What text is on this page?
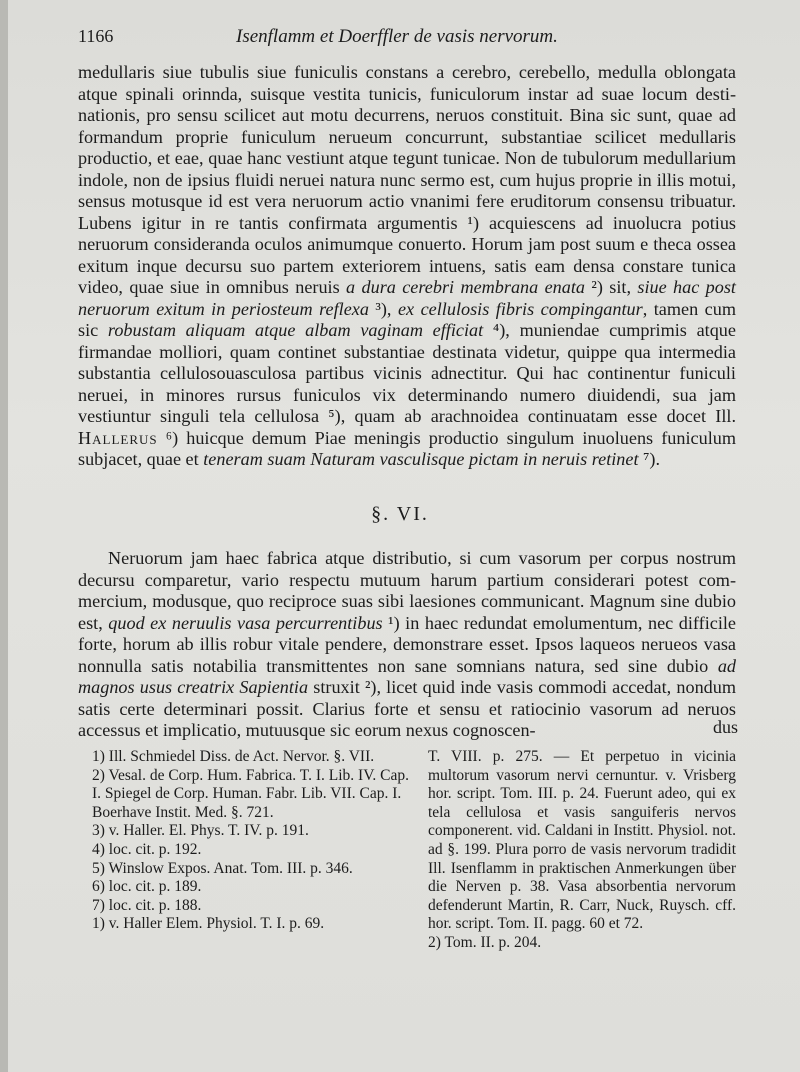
1166	Isenflamm et Doerffler de vasis nervorum.

medullaris siue tubulis siue funiculis constans a cerebro, cerebello, medulla oblongata atque spinali orinnda, suisque vestita tunicis, funiculorum instar ad suae locum destinationis, pro sensu scilicet aut motu decurrens, neruos constituit. Bina sic sunt, quae ad formandum proprie funiculum nerueum concurrunt, substantiae scilicet medullaris productio, et eae, quae hanc vestiunt atque tegunt tunicae. Non de tubulorum medullarium indole, non de ipsius fluidi neruei natura nunc sermo est, cum hujus proprie in illis motui, sensus motusque id est vera neruorum actio vnanimi fere eruditorum consensu tribuatur. Lubens igitur in re tantis confirmata argumentis ¹) acquiescens ad inuolucra potius neruorum consideranda oculos animumque conuerto. Horum jam post suum e theca ossea exitum inque decursu suo partem exteriorem intuens, satis eam densa constare tunica video, quae siue in omnibus neruis a dura cerebri membrana enata ²) sit, siue hac post neruorum exitum in periosteum reflexa ³), ex cellulosis fibris compingantur, tamen cum sic robustam aliquam atque albam vaginam efficiat ⁴), muniendae cumprimis atque firmandae molliori, quam continet substantiae destinata videtur, quippe qua intermedia substantia cellulosouasculosa partibus vicinis adnectitur. Qui hac continentur funiculi neruei, in minores rursus funiculos vix determinando numero diuidendi, sua jam vestiuntur singuli tela cellulosa ⁵), quam ab arachnoidea continuatam esse docet Ill. Hallerus ⁶) huicque demum Piae meningis productio singulum inuoluens funiculum subjacet, quae et teneram suam Naturam vasculisque pictam in neruis retinet ⁷).

§. VI.

Neruorum jam haec fabrica atque distributio, si cum vasorum per corpus nostrum decursu comparetur, vario respectu mutuum harum partium considerari potest commercium, modusque, quo reciproce suas sibi laesiones communicant. Magnum sine dubio est, quod ex neruulis vasa percurrentibus ¹) in haec redundat emolumentum, nec difficile forte, horum ab illis robur vitale pendere, demonstrare esset. Ipsos laqueos nerueos vasa nonnulla satis notabilia transmittentes non sane somnians natura, sed sine dubio ad magnos usus creatrix Sapientia struxit ²), licet quid inde vasis commodi accedat, nondum satis certe determinari possit. Clarius forte et sensu et ratiocinio vasorum ad neruos accessus et implicatio, mutuusque sic eorum nexus cognoscen-	dus

1) Ill. Schmiedel Diss. de Act. Nervor. §. VII.

2) Vesal. de Corp. Hum. Fabrica. T. I. Lib. IV. Cap. I. Spiegel de Corp. Human. Fabr. Lib. VII. Cap. I. Boerhave Instit. Med. §. 721.

3) v. Haller. El. Phys. T. IV. p. 191.

4) loc. cit. p. 192.

5) Winslow Expos. Anat. Tom. III. p. 346.

6) loc. cit. p. 189.

7) loc. cit. p. 188.

1) v. Haller Elem. Physiol. T. I. p. 69.

T. VIII. p. 275. — Et perpetuo in vicinia multorum vasorum nervi cernuntur. v. Vrisberg hor. script. Tom. III. p. 24. Fuerunt adeo, qui ex tela cellulosa et vasis sanguiferis nervos componerent. vid. Caldani in Institt. Physiol. not. ad §. 199. Plura porro de vasis nervorum tradidit Ill. Isenflamm in praktischen Anmerkungen über die Nerven p. 38. Vasa absorbentia nervorum defenderunt Martin, R. Carr, Nuck, Ruysch. cff. hor. script. Tom. II. pagg. 60 et 72.

2) Tom. II. p. 204.
